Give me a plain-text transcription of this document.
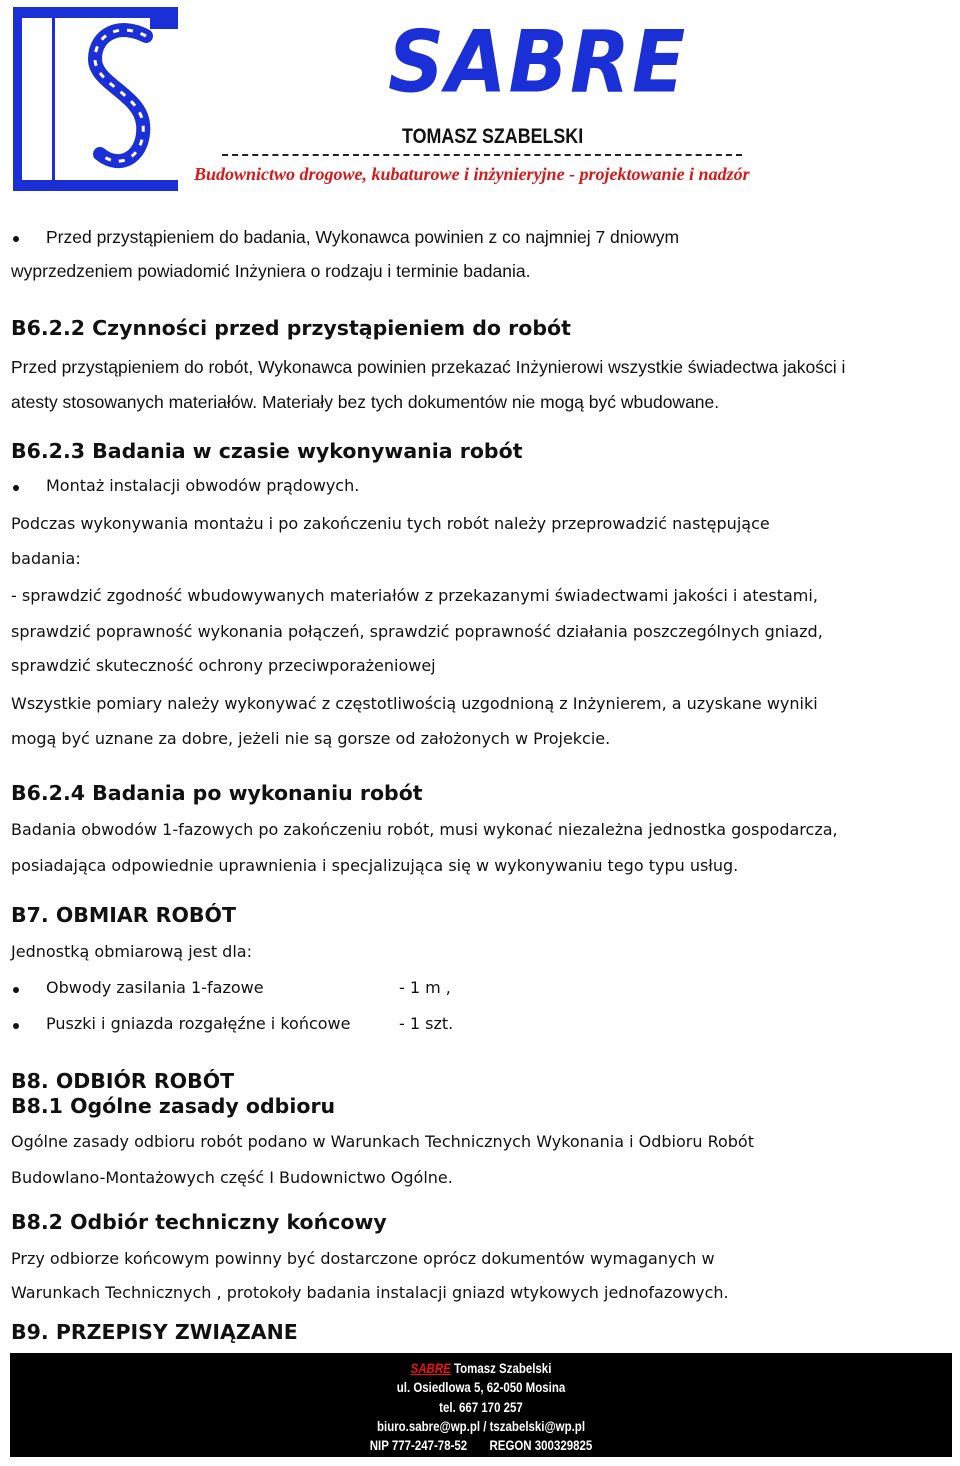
SABRE
TOMASZ SZABELSKI
Budownictwo drogowe, kubaturowe i inżynieryjne - projektowanie i nadzór
Przed przystąpieniem do badania, Wykonawca powinien z co najmniej 7 dniowym
wyprzedzeniem powiadomić Inżyniera o rodzaju i terminie badania.
B6.2.2 Czynności przed przystąpieniem do robót
Przed przystąpieniem do robót, Wykonawca powinien przekazać Inżynierowi wszystkie świadectwa jakości i
atesty stosowanych materiałów. Materiały bez tych dokumentów nie mogą być wbudowane.
B6.2.3 Badania w czasie wykonywania robót
Montaż instalacji obwodów prądowych.
Podczas wykonywania montażu i po zakończeniu tych robót należy przeprowadzić następujące
badania:
- sprawdzić zgodność wbudowywanych materiałów z przekazanymi świadectwami jakości i atestami,
sprawdzić poprawność wykonania połączeń, sprawdzić poprawność działania poszczególnych gniazd,
sprawdzić skuteczność ochrony przeciwporażeniowej
Wszystkie pomiary należy wykonywać z częstotliwością uzgodnioną z Inżynierem, a uzyskane wyniki
mogą być uznane za dobre, jeżeli nie są gorsze od założonych w Projekcie.
B6.2.4 Badania po wykonaniu robót
Badania obwodów 1-fazowych po zakończeniu robót, musi wykonać niezależna jednostka gospodarcza,
posiadająca odpowiednie uprawnienia i specjalizująca się w wykonywaniu tego typu usług.
B7. OBMIAR ROBÓT
Jednostką obmiarową jest dla:
Obwody zasilania 1-fazowe	- 1 m ,
Puszki i gniazda rozgałęźne i końcowe	- 1 szt.
B8. ODBIÓR ROBÓT
B8.1 Ogólne zasady odbioru
Ogólne zasady odbioru robót podano w Warunkach Technicznych Wykonania i Odbioru Robót
Budowlano-Montażowych część I Budownictwo Ogólne.
B8.2 Odbiór techniczny końcowy
Przy odbiorze końcowym powinny być dostarczone oprócz dokumentów wymaganych w
Warunkach Technicznych , protokoły badania instalacji gniazd wtykowych jednofazowych.
B9. PRZEPISY ZWIĄZANE
SABRE Tomasz Szabelski
ul. Osiedlowa 5, 62-050 Mosina
tel. 667 170 257
biuro.sabre@wp.pl / tszabelski@wp.pl
NIP 777-247-78-52       REGON 300329825
